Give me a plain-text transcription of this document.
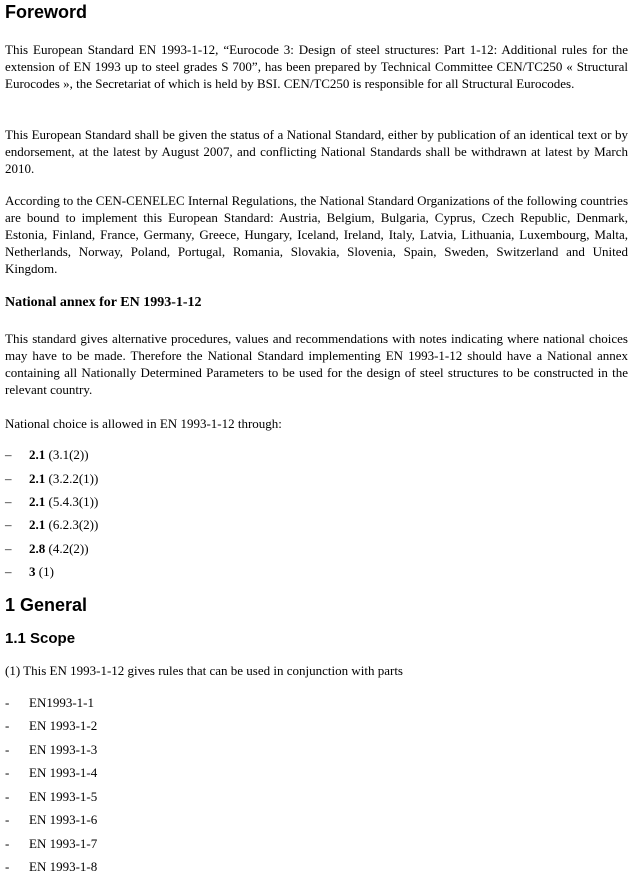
Foreword

This European Standard EN 1993-1-12, “Eurocode 3: Design of steel structures: Part 1-12: Additional rules for the extension of EN 1993 up to steel grades S 700”, has been prepared by Technical Committee CEN/TC250 « Structural Eurocodes », the Secretariat of which is held by BSI. CEN/TC250 is responsible for all Structural Eurocodes.

This European Standard shall be given the status of a National Standard, either by publication of an identical text or by endorsement, at the latest by August 2007, and conflicting National Standards shall be withdrawn at latest by March 2010.

According to the CEN-CENELEC Internal Regulations, the National Standard Organizations of the following countries are bound to implement this European Standard: Austria, Belgium, Bulgaria, Cyprus, Czech Republic, Denmark, Estonia, Finland, France, Germany, Greece, Hungary, Iceland, Ireland, Italy, Latvia, Lithuania, Luxembourg, Malta, Netherlands, Norway, Poland, Portugal, Romania, Slovakia, Slovenia, Spain, Sweden, Switzerland and United Kingdom.

National annex for EN 1993-1-12

This standard gives alternative procedures, values and recommendations with notes indicating where national choices may have to be made. Therefore the National Standard implementing EN 1993-1-12 should have a National annex containing all Nationally Determined Parameters to be used for the design of steel structures to be constructed in the relevant country.

National choice is allowed in EN 1993-1-12 through:

– 2.1 (3.1(2))
– 2.1 (3.2.2(1))
– 2.1 (5.4.3(1))
– 2.1 (6.2.3(2))
– 2.8 (4.2(2))
– 3 (1)
1 General
1.1 Scope

(1) This EN 1993-1-12 gives rules that can be used in conjunction with parts

- EN1993-1-1
- EN 1993-1-2
- EN 1993-1-3
- EN 1993-1-4
- EN 1993-1-5
- EN 1993-1-6
- EN 1993-1-7
- EN 1993-1-8
